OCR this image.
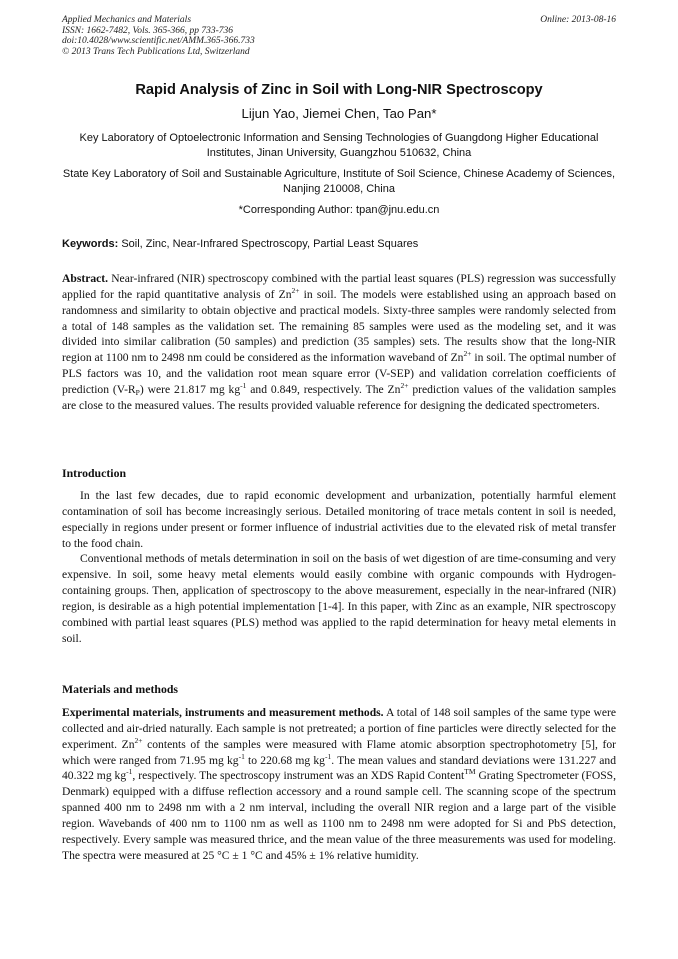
Applied Mechanics and Materials
ISSN: 1662-7482, Vols. 365-366, pp 733-736
doi:10.4028/www.scientific.net/AMM.365-366.733
© 2013 Trans Tech Publications Ltd, Switzerland
Online: 2013-08-16
Rapid Analysis of Zinc in Soil with Long-NIR Spectroscopy
Lijun Yao, Jiemei Chen, Tao Pan*
Key Laboratory of Optoelectronic Information and Sensing Technologies of Guangdong Higher Educational Institutes, Jinan University, Guangzhou 510632, China
State Key Laboratory of Soil and Sustainable Agriculture, Institute of Soil Science, Chinese Academy of Sciences, Nanjing 210008, China
*Corresponding Author: tpan@jnu.edu.cn
Keywords: Soil, Zinc, Near-Infrared Spectroscopy, Partial Least Squares
Abstract. Near-infrared (NIR) spectroscopy combined with the partial least squares (PLS) regression was successfully applied for the rapid quantitative analysis of $Zn^{2+}$ in soil. The models were established using an approach based on randomness and similarity to obtain objective and practical models. Sixty-three samples were randomly selected from a total of 148 samples as the validation set. The remaining 85 samples were used as the modeling set, and it was divided into similar calibration (50 samples) and prediction (35 samples) sets. The results show that the long-NIR region at 1100 nm to 2498 nm could be considered as the information waveband of $Zn^{2+}$ in soil. The optimal number of PLS factors was 10, and the validation root mean square error (V-SEP) and validation correlation coefficients of prediction $(V-R_P)$ were 21.817 mg $kg^{-1}$ and 0.849, respectively. The $Zn^{2+}$ prediction values of the validation samples are close to the measured values. The results provided valuable reference for designing the dedicated spectrometers.
Introduction

In the last few decades, due to rapid economic development and urbanization, potentially harmful element contamination of soil has become increasingly serious. Detailed monitoring of trace metals content in soil is needed, especially in regions under present or former influence of industrial activities due to the elevated risk of metal transfer to the food chain.

Conventional methods of metals determination in soil on the basis of wet digestion of are time-consuming and very expensive. In soil, some heavy metal elements would easily combine with organic compounds with Hydrogen-containing groups. Then, application of spectroscopy to the above measurement, especially in the near-infrared (NIR) region, is desirable as a high potential implementation [1-4]. In this paper, with Zinc as an example, NIR spectroscopy combined with partial least squares (PLS) method was applied to the rapid determination for heavy metal elements in soil.

Materials and methods

Experimental materials, instruments and measurement methods. A total of 148 soil samples of the same type were collected and air-dried naturally. Each sample is not pretreated; a portion of fine particles were directly selected for the experiment. $Zn^{2+}$ contents of the samples were measured with Flame atomic absorption spectrophotometry [5], for which were ranged from 71.95 mg $kg^{-1}$ to 220.68 mg $kg^{-1}$. The mean values and standard deviations were 131.227 and 40.322 mg $kg^{-1}$, respectively. The spectroscopy instrument was an XDS Rapid Content™ Grating Spectrometer (FOSS, Denmark) equipped with a diffuse reflection accessory and a round sample cell. The scanning scope of the spectrum spanned 400 nm to 2498 nm with a 2 nm interval, including the overall NIR region and a large part of the visible region. Wavebands of 400 nm to 1100 nm as well as 1100 nm to 2498 nm were adopted for Si and PbS detection, respectively. Every sample was measured thrice, and the mean value of the three measurements was used for modeling. The spectra were measured at 25 °C ± 1 °C and 45% ± 1% relative humidity.
